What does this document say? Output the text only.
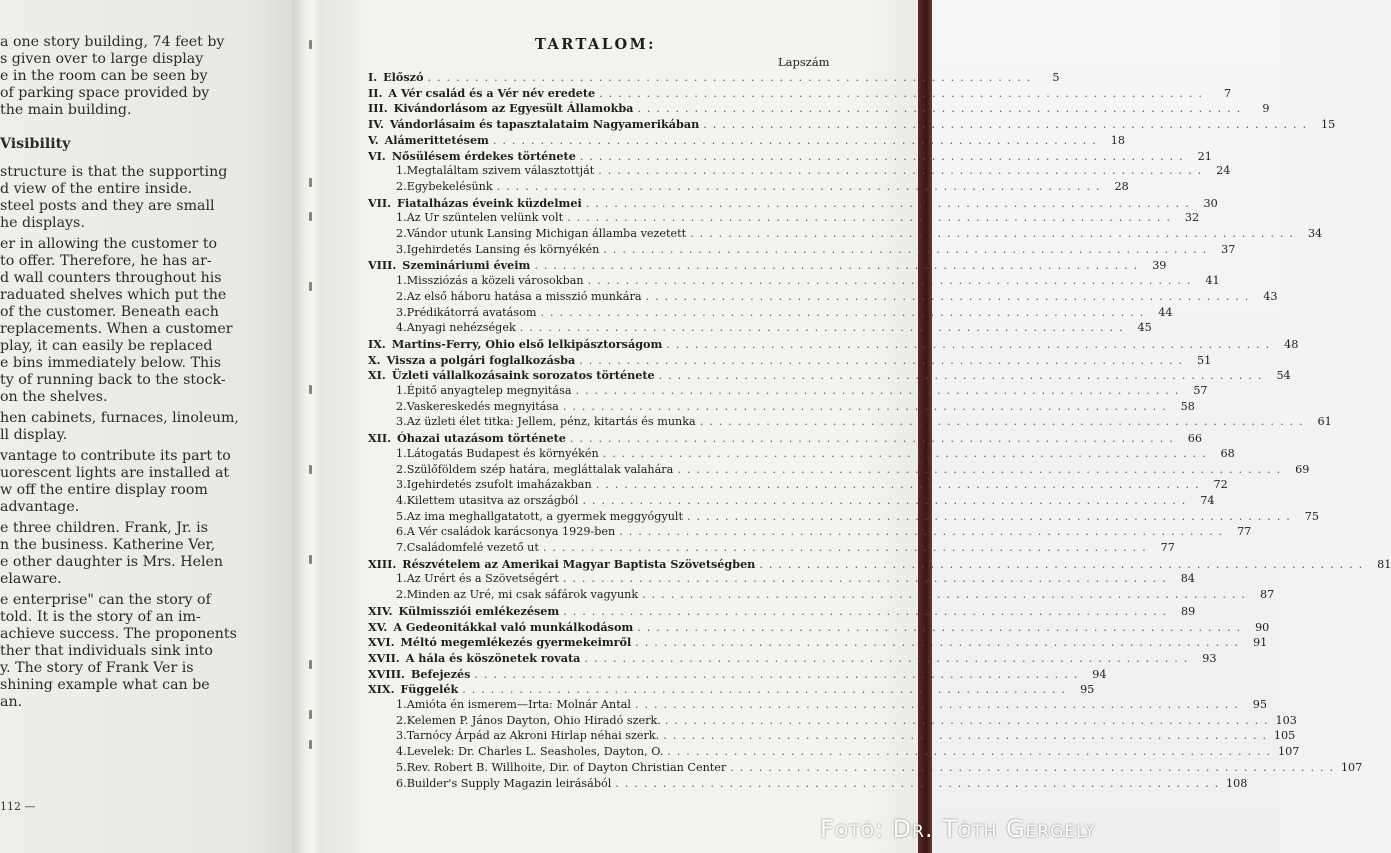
a one story building, 74 feet by
s given over to large display
e in the room can be seen by
of parking space provided by
the main building.
Visibility
structure is that the supporting
d view of the entire inside.
steel posts and they are small
he displays.
er in allowing the customer to
to offer. Therefore, he has ar-
d wall counters throughout his
raduated shelves which put the
of the customer. Beneath each
replacements. When a customer
play, it can easily be replaced
e bins immediately below. This
ty of running back to the stock-
on the shelves.
hen cabinets, furnaces, linoleum,
ll display.
vantage to contribute its part to
uorescent lights are installed at
w off the entire display room
advantage.
e three children. Frank, Jr. is
n the business. Katherine Ver,
e other daughter is Mrs. Helen
elaware.
e enterprise" can the story of
told. It is the story of an im-
achieve success. The proponents
ther that individuals sink into
y. The story of Frank Ver is
shining example what can be
an.
112 —
TARTALOM:
Lapszám
I. Előszó . . . . . . . . . . . . . . . . . . . . . . . . . . . . . . . . . . . . . . . . . . . . . . . . . . . . . . . . . . . . . . . .	5
II. A Vér család és a Vér név eredete . . . . . . . . . . . . . . . . . . . . . . . . . . . . . . . . . . . . . . . . . . . . . . . . . . . . . . . . . . . . . . . .	7
III. Kivándorlásom az Egyesült Államokba . . . . . . . . . . . . . . . . . . . . . . . . . . . . . . . . . . . . . . . . . . . . . . . . . . . . . . . . . . . . . . . .	9
IV. Vándorlásaim és tapasztalataim Nagyamerikában . . . . . . . . . . . . . . . . . . . . . . . . . . . . . . . . . . . . . . . . . . . . . . . . . . . . . . . . . . . . . . . .	15
V. Alámerittetésem . . . . . . . . . . . . . . . . . . . . . . . . . . . . . . . . . . . . . . . . . . . . . . . . . . . . . . . . . . . . . . . .	18
VI. Nősülésem érdekes története . . . . . . . . . . . . . . . . . . . . . . . . . . . . . . . . . . . . . . . . . . . . . . . . . . . . . . . . . . . . . . . .	21
1. Megtaláltam szivem választottját . . . . . . . . . . . . . . . . . . . . . . . . . . . . . . . . . . . . . . . . . . . . . . . . . . . . . . . . . . . . . . . .	24
2. Egybekelésünk . . . . . . . . . . . . . . . . . . . . . . . . . . . . . . . . . . . . . . . . . . . . . . . . . . . . . . . . . . . . . . . .	28
VII. Fiatalházas éveink küzdelmei . . . . . . . . . . . . . . . . . . . . . . . . . . . . . . . . . . . . . . . . . . . . . . . . . . . . . . . . . . . . . . . .	30
1. Az Ur szüntelen velünk volt . . . . . . . . . . . . . . . . . . . . . . . . . . . . . . . . . . . . . . . . . . . . . . . . . . . . . . . . . . . . . . . .	32
2. Vándor utunk Lansing Michigan államba vezetett . . . . . . . . . . . . . . . . . . . . . . . . . . . . . . . . . . . . . . . . . . . . . . . . . . . . . . . . . . . . . . . .	34
3. Igehirdetés Lansing és környékén . . . . . . . . . . . . . . . . . . . . . . . . . . . . . . . . . . . . . . . . . . . . . . . . . . . . . . . . . . . . . . . .	37
VIII. Szemináriumi éveim . . . . . . . . . . . . . . . . . . . . . . . . . . . . . . . . . . . . . . . . . . . . . . . . . . . . . . . . . . . . . . . .	39
1. Missziózás a közeli városokban . . . . . . . . . . . . . . . . . . . . . . . . . . . . . . . . . . . . . . . . . . . . . . . . . . . . . . . . . . . . . . . .	41
2. Az első háboru hatása a misszió munkára . . . . . . . . . . . . . . . . . . . . . . . . . . . . . . . . . . . . . . . . . . . . . . . . . . . . . . . . . . . . . . . .	43
3. Prédikátorrá avatásom . . . . . . . . . . . . . . . . . . . . . . . . . . . . . . . . . . . . . . . . . . . . . . . . . . . . . . . . . . . . . . . .	44
4. Anyagi nehézségek . . . . . . . . . . . . . . . . . . . . . . . . . . . . . . . . . . . . . . . . . . . . . . . . . . . . . . . . . . . . . . . .	45
IX. Martins-Ferry, Ohio első lelkipásztorságom . . . . . . . . . . . . . . . . . . . . . . . . . . . . . . . . . . . . . . . . . . . . . . . . . . . . . . . . . . . . . . . .	48
X. Vissza a polgári foglalkozásba . . . . . . . . . . . . . . . . . . . . . . . . . . . . . . . . . . . . . . . . . . . . . . . . . . . . . . . . . . . . . . . .	51
XI. Üzleti vállalkozásaink sorozatos története . . . . . . . . . . . . . . . . . . . . . . . . . . . . . . . . . . . . . . . . . . . . . . . . . . . . . . . . . . . . . . . .	54
1. Épitő anyagtelep megnyitása . . . . . . . . . . . . . . . . . . . . . . . . . . . . . . . . . . . . . . . . . . . . . . . . . . . . . . . . . . . . . . . .	57
2. Vaskereskedés megnyitása . . . . . . . . . . . . . . . . . . . . . . . . . . . . . . . . . . . . . . . . . . . . . . . . . . . . . . . . . . . . . . . .	58
3. Az üzleti élet titka: Jellem, pénz, kitartás és munka . . . . . . . . . . . . . . . . . . . . . . . . . . . . . . . . . . . . . . . . . . . . . . . . . . . . . . . . . . . . . . . .	61
XII. Óhazai utazásom története . . . . . . . . . . . . . . . . . . . . . . . . . . . . . . . . . . . . . . . . . . . . . . . . . . . . . . . . . . . . . . . .	66
1. Látogatás Budapest és környékén . . . . . . . . . . . . . . . . . . . . . . . . . . . . . . . . . . . . . . . . . . . . . . . . . . . . . . . . . . . . . . . .	68
2. Szülőföldem szép határa, megláttalak valahára . . . . . . . . . . . . . . . . . . . . . . . . . . . . . . . . . . . . . . . . . . . . . . . . . . . . . . . . . . . . . . . .	69
3. Igehirdetés zsufolt imaházakban . . . . . . . . . . . . . . . . . . . . . . . . . . . . . . . . . . . . . . . . . . . . . . . . . . . . . . . . . . . . . . . .	72
4. Kilettem utasitva az országból . . . . . . . . . . . . . . . . . . . . . . . . . . . . . . . . . . . . . . . . . . . . . . . . . . . . . . . . . . . . . . . .	74
5. Az ima meghallgatatott, a gyermek meggyógyult . . . . . . . . . . . . . . . . . . . . . . . . . . . . . . . . . . . . . . . . . . . . . . . . . . . . . . . . . . . . . . . .	75
6. A Vér családok karácsonya 1929-ben . . . . . . . . . . . . . . . . . . . . . . . . . . . . . . . . . . . . . . . . . . . . . . . . . . . . . . . . . . . . . . . .	77
7. Családomfelé vezető ut . . . . . . . . . . . . . . . . . . . . . . . . . . . . . . . . . . . . . . . . . . . . . . . . . . . . . . . . . . . . . . . .	77
XIII. Részvételem az Amerikai Magyar Baptista Szövetségben . . . . . . . . . . . . . . . . . . . . . . . . . . . . . . . . . . . . . . . . . . . . . . . . . . . . . . . . . . . . . . . .	81
1. Az Urért és a Szövetségért . . . . . . . . . . . . . . . . . . . . . . . . . . . . . . . . . . . . . . . . . . . . . . . . . . . . . . . . . . . . . . . .	84
2. Minden az Uré, mi csak sáfárok vagyunk . . . . . . . . . . . . . . . . . . . . . . . . . . . . . . . . . . . . . . . . . . . . . . . . . . . . . . . . . . . . . . . .	87
XIV. Külmissziói emlékezésem . . . . . . . . . . . . . . . . . . . . . . . . . . . . . . . . . . . . . . . . . . . . . . . . . . . . . . . . . . . . . . . .	89
XV. A Gedeonitákkal való munkálkodásom . . . . . . . . . . . . . . . . . . . . . . . . . . . . . . . . . . . . . . . . . . . . . . . . . . . . . . . . . . . . . . . .	90
XVI. Méltó megemlékezés gyermekeimről . . . . . . . . . . . . . . . . . . . . . . . . . . . . . . . . . . . . . . . . . . . . . . . . . . . . . . . . . . . . . . . .	91
XVII. A hála és köszönetek rovata . . . . . . . . . . . . . . . . . . . . . . . . . . . . . . . . . . . . . . . . . . . . . . . . . . . . . . . . . . . . . . . .	93
XVIII. Befejezés . . . . . . . . . . . . . . . . . . . . . . . . . . . . . . . . . . . . . . . . . . . . . . . . . . . . . . . . . . . . . . . .	94
XIX. Függelék . . . . . . . . . . . . . . . . . . . . . . . . . . . . . . . . . . . . . . . . . . . . . . . . . . . . . . . . . . . . . . . .	95
1. Amióta én ismerem—Irta: Molnár Antal . . . . . . . . . . . . . . . . . . . . . . . . . . . . . . . . . . . . . . . . . . . . . . . . . . . . . . . . . . . . . . . .	95
2. Kelemen P. János Dayton, Ohio Hiradó szerk. . . . . . . . . . . . . . . . . . . . . . . . . . . . . . . . . . . . . . . . . . . . . . . . . . . . . . . . . . . . . . . . . 103
3. Tarnócy Árpád az Akroni Hirlap néhai szerk. . . . . . . . . . . . . . . . . . . . . . . . . . . . . . . . . . . . . . . . . . . . . . . . . . . . . . . . . . . . . . . . . 105
4. Levelek: Dr. Charles L. Seasholes, Dayton, O. . . . . . . . . . . . . . . . . . . . . . . . . . . . . . . . . . . . . . . . . . . . . . . . . . . . . . . . . . . . . . . . . 107
5. Rev. Robert B. Willhoite, Dir. of Dayton Christian Center . . . . . . . . . . . . . . . . . . . . . . . . . . . . . . . . . . . . . . . . . . . . . . . . . . . . . . . . . . . . . . . . 107
6. Builder's Supply Magazin leirásából . . . . . . . . . . . . . . . . . . . . . . . . . . . . . . . . . . . . . . . . . . . . . . . . . . . . . . . . . . . . . . . . 108
Fotó: Dr. Tóth Gergely
